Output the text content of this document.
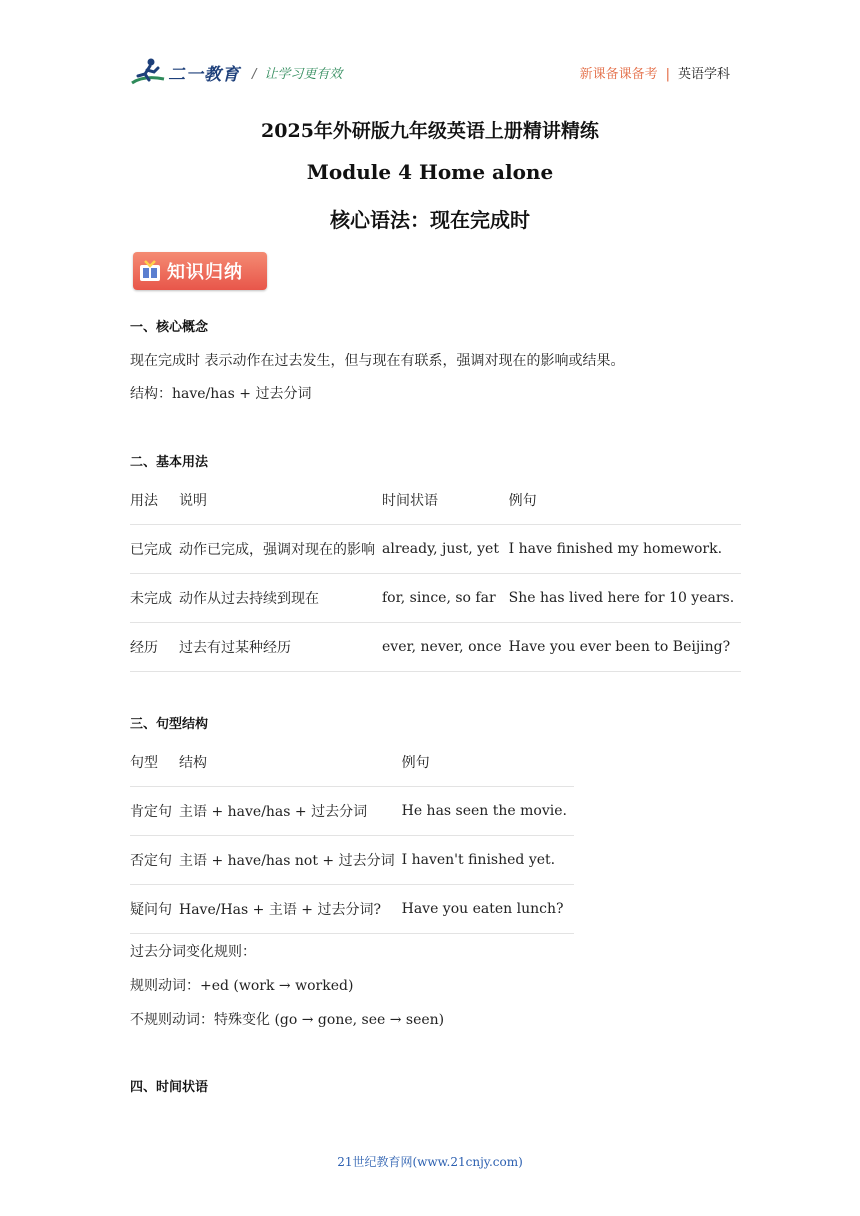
二一教育 / 让学习更有效	新课备课备考 | 英语学科
2025年外研版九年级英语上册精讲精练
Module 4 Home alone
核心语法：现在完成时
知识归纳
一、核心概念
现在完成时 表示动作在过去发生，但与现在有联系，强调对现在的影响或结果。
结构：have/has + 过去分词
二、基本用法
用法	说明	时间状语	例句
已完成	动作已完成，强调对现在的影响	already, just, yet	I have finished my homework.
未完成	动作从过去持续到现在	for, since, so far	She has lived here for 10 years.
经历	过去有过某种经历	ever, never, once	Have you ever been to Beijing?
三、句型结构
句型	结构	例句
肯定句	主语 + have/has + 过去分词	He has seen the movie.
否定句	主语 + have/has not + 过去分词	I haven't finished yet.
疑问句	Have/Has + 主语 + 过去分词?	Have you eaten lunch?
过去分词变化规则：
规则动词：+ed (work → worked)
不规则动词：特殊变化 (go → gone, see → seen)
四、时间状语
21世纪教育网(www.21cnjy.com)
